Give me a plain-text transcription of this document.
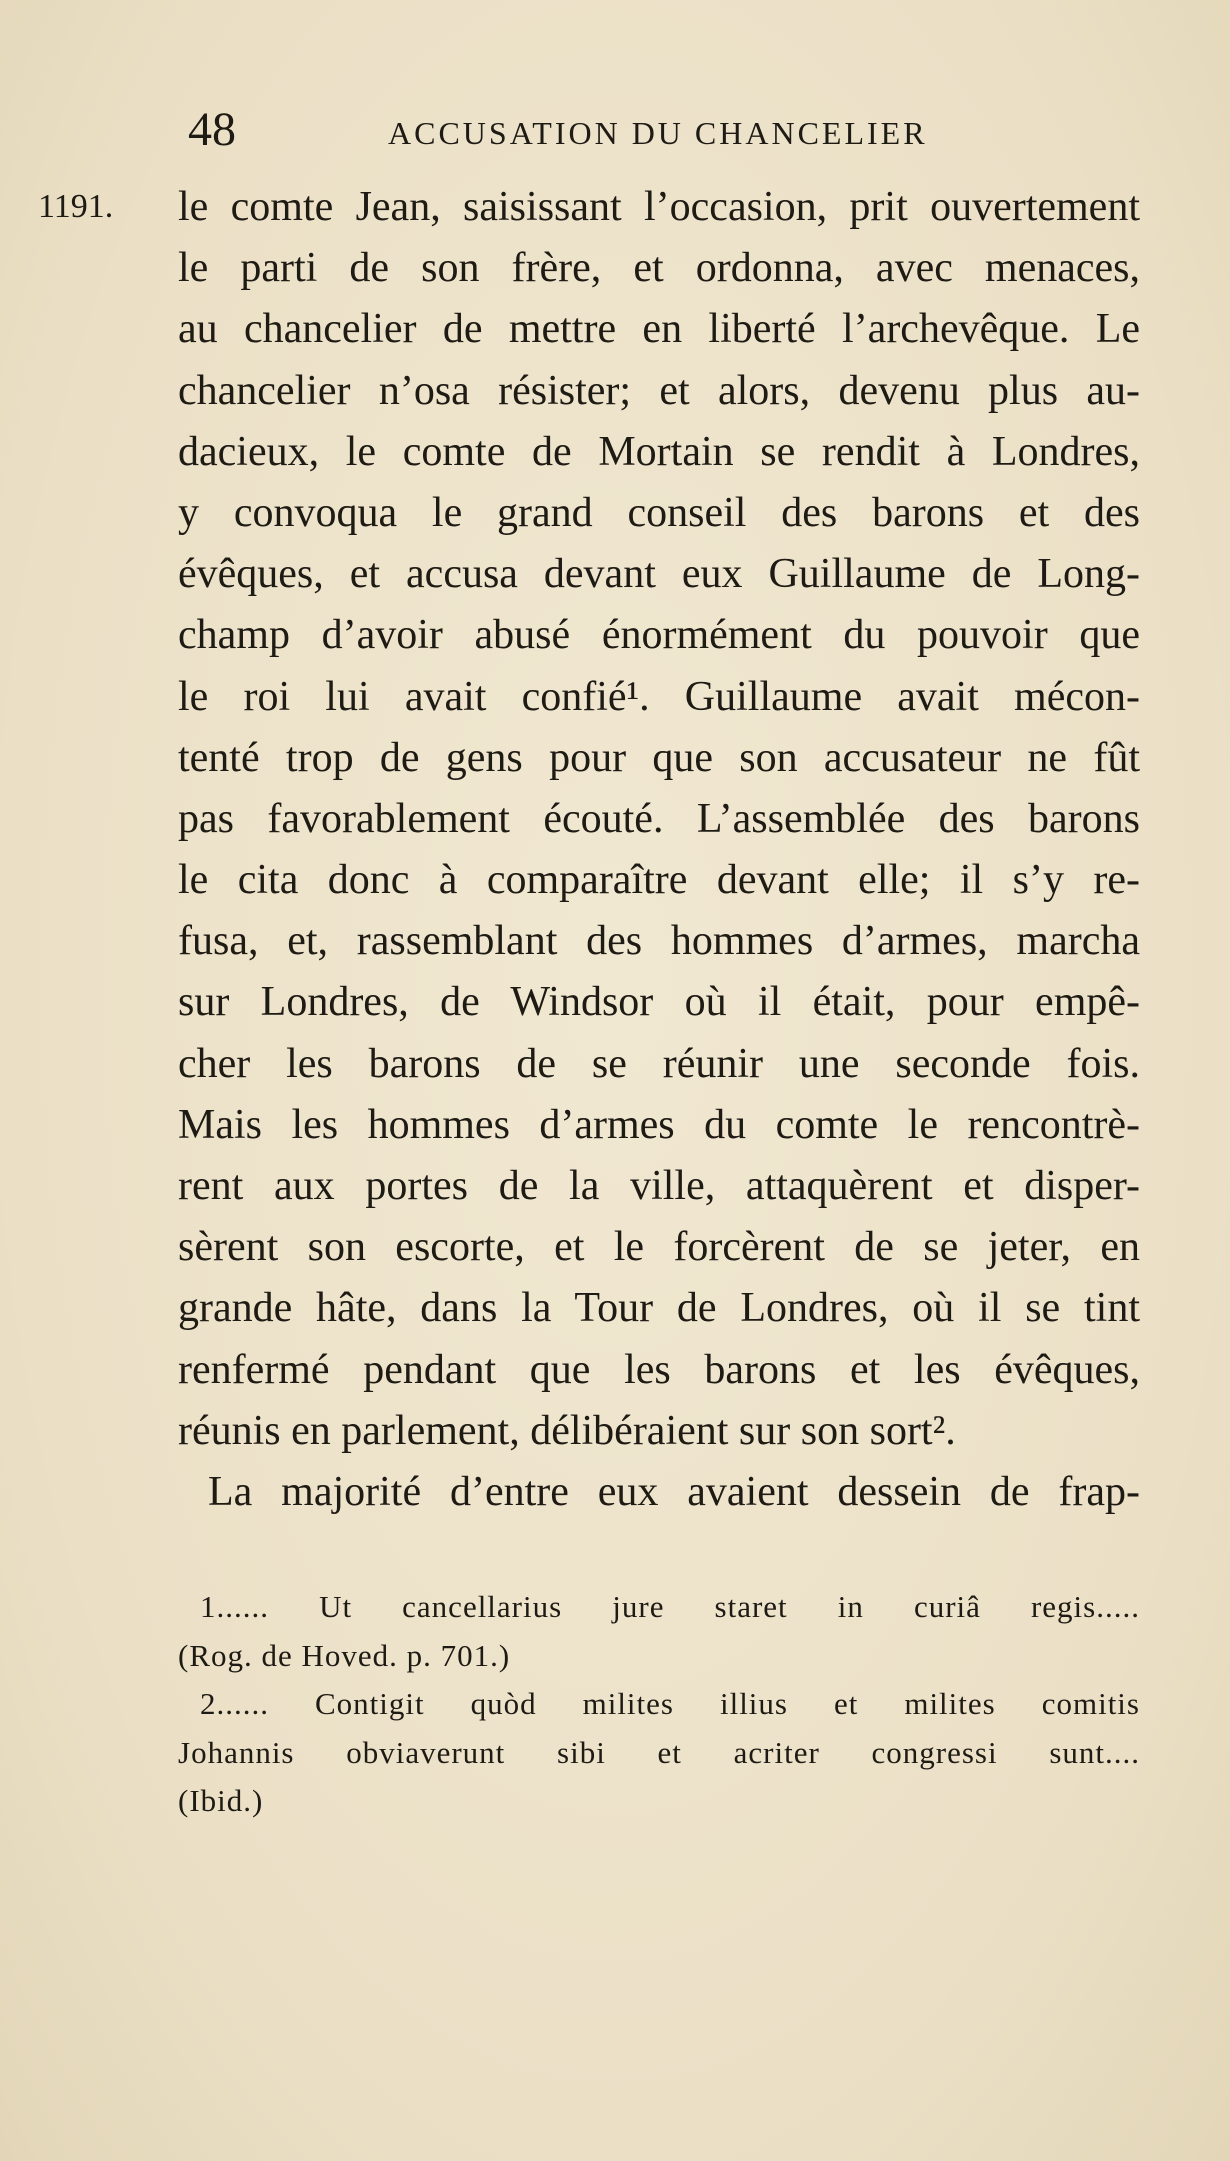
48	ACCUSATION DU CHANCELIER
1191. le comte Jean, saisissant l’occasion, prit ouvertement
le parti de son frère, et ordonna, avec menaces,
au chancelier de mettre en liberté l’archevêque. Le
chancelier n’osa résister; et alors, devenu plus au-
dacieux, le comte de Mortain se rendit à Londres,
y convoqua le grand conseil des barons et des
évêques, et accusa devant eux Guillaume de Long-
champ d’avoir abusé énormément du pouvoir que
le roi lui avait confié¹. Guillaume avait mécon-
tenté trop de gens pour que son accusateur ne fût
pas favorablement écouté. L’assemblée des barons
le cita donc à comparaître devant elle; il s’y re-
fusa, et, rassemblant des hommes d’armes, marcha
sur Londres, de Windsor où il était, pour empê-
cher les barons de se réunir une seconde fois.
Mais les hommes d’armes du comte le rencontrè-
rent aux portes de la ville, attaquèrent et disper-
sèrent son escorte, et le forcèrent de se jeter, en
grande hâte, dans la Tour de Londres, où il se tint
renfermé pendant que les barons et les évêques,
réunis en parlement, délibéraient sur son sort².
La majorité d’entre eux avaient dessein de frap-
1...... Ut cancellarius jure staret in curiâ regis.....
(Rog. de Hoved. p. 701.)
2...... Contigit quòd milites illius et milites comitis
Johannis obviaverunt sibi et acriter congressi sunt....
(Ibid.)
